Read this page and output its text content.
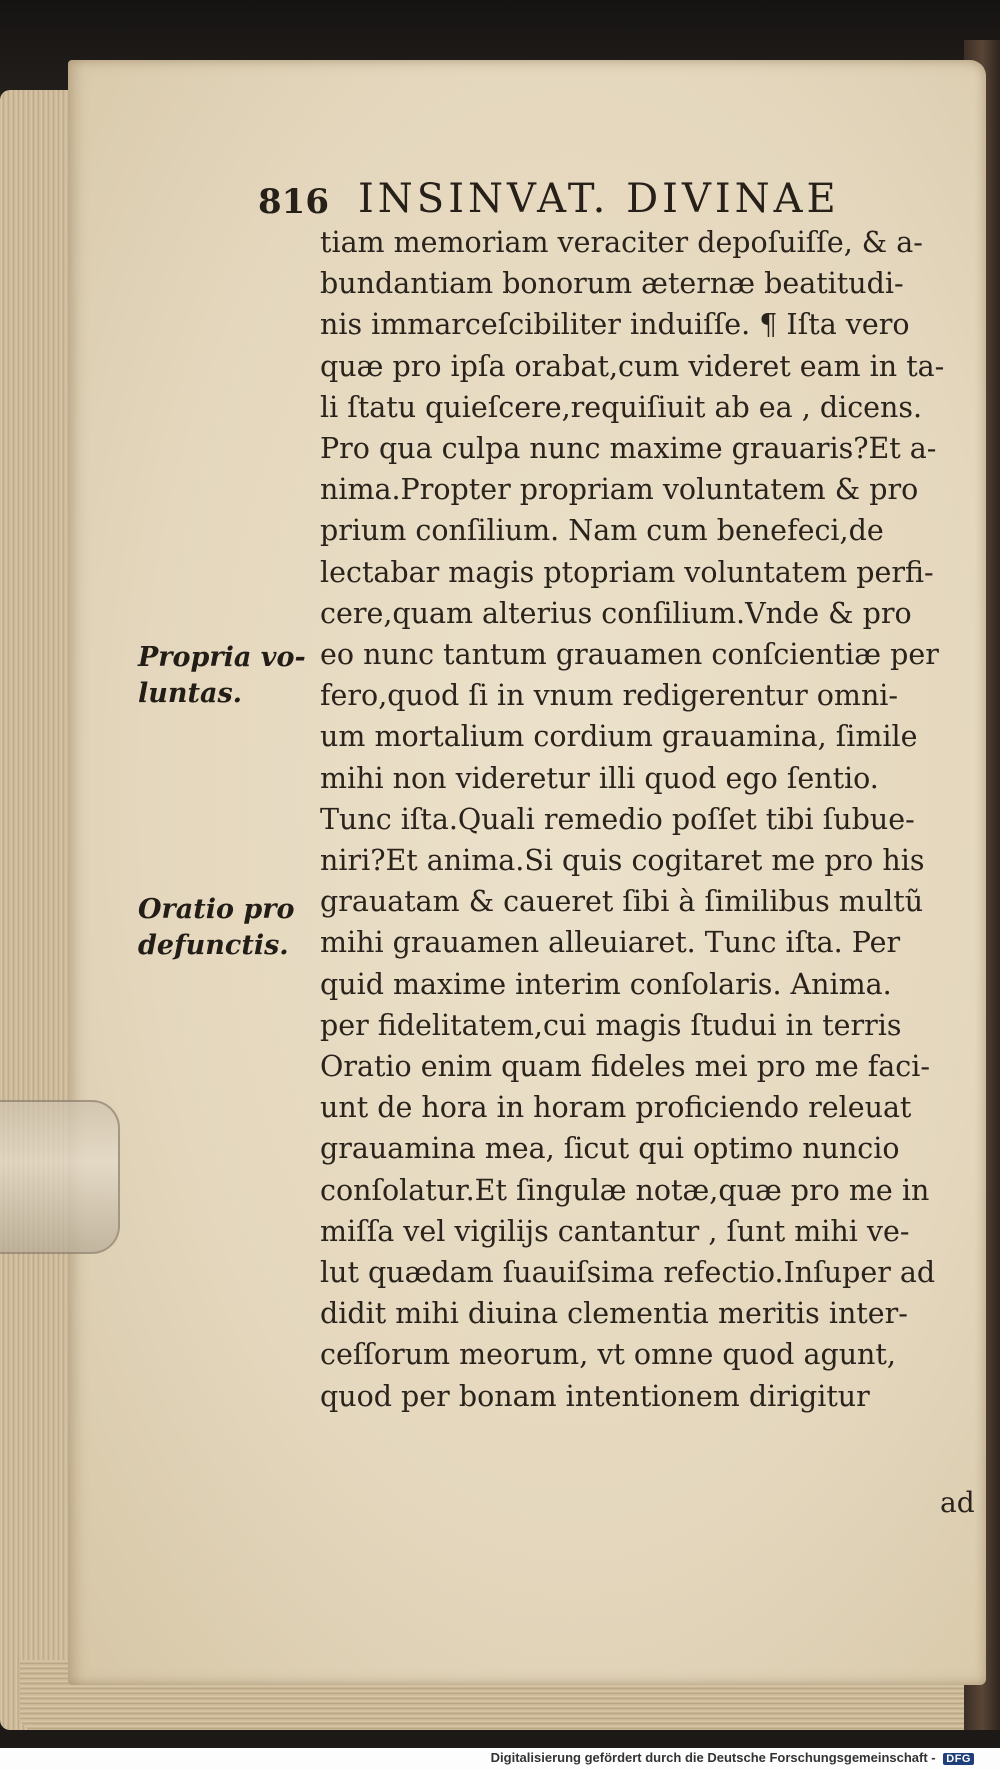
816 INSINVAT. DIVINAE
Propria vo-
luntas.
Oratio pro
defunctis.
tiam memoriam veraciter depoſuiſſe, & a-
bundantiam bonorum æternæ beatitudi-
nis immarceſcibiliter induiſſe. ¶ Iſta vero
quæ pro ipſa orabat,cum videret eam in ta-
li ſtatu quieſcere,requiſiuit ab ea , dicens.
Pro qua culpa nunc maxime grauaris?Et a-
nima.Propter propriam voluntatem & pro
prium conſilium. Nam cum benefeci,de
lectabar magis ptopriam voluntatem perfi-
cere,quam alterius conſilium.Vnde & pro
eo nunc tantum grauamen conſcientiæ per
fero,quod ſi in vnum redigerentur omni-
um mortalium cordium grauamina, ſimile
mihi non videretur illi quod ego ſentio.
Tunc iſta.Quali remedio poſſet tibi ſubue-
niri?Et anima.Si quis cogitaret me pro his
grauatam & caueret ſibi à ſimilibus multũ
mihi grauamen alleuiaret. Tunc iſta. Per
quid maxime interim conſolaris. Anima.
per fidelitatem,cui magis ſtudui in terris
Oratio enim quam fideles mei pro me faci-
unt de hora in horam proficiendo releuat
grauamina mea, ſicut qui optimo nuncio
conſolatur.Et ſingulæ notæ,quæ pro me in
miſſa vel vigilijs cantantur , ſunt mihi ve-
lut quædam ſuauiſsima refectio.Inſuper ad
didit mihi diuina clementia meritis inter-
ceſſorum meorum, vt omne quod agunt,
quod per bonam intentionem dirigitur
ad
Digitalisierung gefördert durch die Deutsche Forschungsgemeinschaft - DFG
